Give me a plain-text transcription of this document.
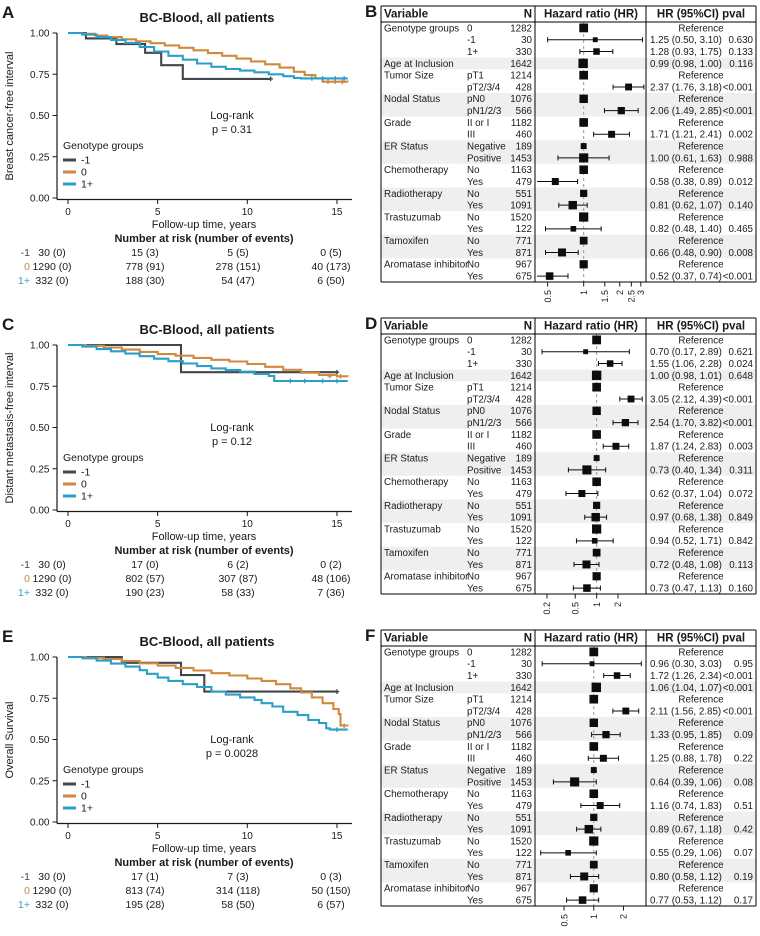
A	BC-Blood, all patients
Breast cancer-free interval
1.00
0.75
0.50
0.25
0.00
0	5	10	15
Follow-up time, years
Log-rank
p = 0.31
Genotype groups
-1
0
1+
Number at risk (number of events)
-1 30 (0)	15 (3)	5 (5)	0 (5)
0 1290 (0)	778 (91)	278 (151)	40 (173)
1+ 332 (0)	188 (30)	54 (47)	6 (50)
B Variable	N Hazard ratio (HR) HR (95%CI) pval
Genotype groups 0	1282	Reference
-1	30	1.25 (0.50, 3.10) 0.630
1+	330	1.28 (0.93, 1.75) 0.133
Age at Inclusion	1642	0.99 (0.98, 1.00) 0.116
Tumor Size	pT1	1214	Reference
pT2/3/4 428	2.37 (1.76, 3.18) <0.001
Nodal Status	pN0	1076	Reference
pN1/2/3 566	2.06 (1.49, 2.85) <0.001
Grade	II or I 1182	Reference
III	460	1.71 (1.21, 2.41) 0.002
ER Status	Negative 189	Reference
Positive 1453	1.00 (0.61, 1.63) 0.988
Chemotherapy No	1163	Reference
Yes	479	0.58 (0.38, 0.89) 0.012
Radiotherapy	No	551	Reference
Yes	1091	0.81 (0.62, 1.07) 0.140
Trastuzumab	No	1520	Reference
Yes	122	0.82 (0.48, 1.40) 0.465
Tamoxifen	No	771	Reference
Yes	871	0.66 (0.48, 0.90) 0.008
Aromatase inhibitor
No	967	Reference
Yes	675	0.52 (0.37, 0.74) <0.001
0.5	1 1.5 2 2.5 3
C	BC-Blood, all patients
Distant metastasis-free interval
1.00
0.75
0.50
0.25
0.00
0	5	10	15
Follow-up time, years
Log-rank
p = 0.12
Genotype groups
-1
0
1+
Number at risk (number of events)
-1 30 (0)	17 (0)	6 (2)	0 (2)
0 1290 (0)	802 (57)	307 (87)	48 (106)
1+ 332 (0)	190 (23)	58 (33)	7 (36)
D Variable	N Hazard ratio (HR) HR (95%CI) pval
Genotype groups 0	1282	Reference
-1	30	0.70 (0.17, 2.89) 0.621
1+	330	1.55 (1.06, 2.28) 0.024
Age at Inclusion	1642	1.00 (0.98, 1.01) 0.648
Tumor Size	pT1	1214	Reference
pT2/3/4 428	3.05 (2.12, 4.39) <0.001
Nodal Status	pN0	1076	Reference
pN1/2/3 566	2.54 (1.70, 3.82) <0.001
Grade	II or I 1182	Reference
III	460	1.87 (1.24, 2.83) 0.003
ER Status	Negative 189	Reference
Positive 1453	0.73 (0.40, 1.34) 0.311
Chemotherapy No	1163	Reference
Yes	479	0.62 (0.37, 1.04) 0.072
Radiotherapy	No	551	Reference
Yes	1091	0.97 (0.68, 1.38) 0.849
Trastuzumab	No	1520	Reference
Yes	122	0.94 (0.52, 1.71) 0.842
Tamoxifen	No	771	Reference
Yes	871	0.72 (0.48, 1.08) 0.113
Aromatase inhibitor
No	967	Reference
Yes	675	0.73 (0.47, 1.13) 0.160
0.2 0.5 1 2
E	BC-Blood, all patients
Overall Survival
1.00
0.75
0.50
0.25
0.00
0	5	10	15
Follow-up time, years
Log-rank
p = 0.0028
Genotype groups
-1
0
1+
Number at risk (number of events)
-1 30 (0)	17 (1)	7 (3)	0 (3)
0 1290 (0)	813 (74)	314 (118)	50 (150)
1+ 332 (0)	195 (28)	58 (50)	6 (57)
F Variable	N Hazard ratio (HR) HR (95%CI) pval
Genotype groups 0	1282	Reference
-1	30	0.96 (0.30, 3.03) 0.95
1+	330	1.72 (1.26, 2.34) <0.001
Age at Inclusion	1642	1.06 (1.04, 1.07) <0.001
Tumor Size	pT1	1214	Reference
pT2/3/4 428	2.11 (1.56, 2.85) <0.001
Nodal Status	pN0	1076	Reference
pN1/2/3 566	1.33 (0.95, 1.85) 0.09
Grade	II or I 1182	Reference
III	460	1.25 (0.88, 1.78) 0.22
ER Status	Negative 189	Reference
Positive 1453	0.64 (0.39, 1.06) 0.08
Chemotherapy No	1163	Reference
Yes	479	1.16 (0.74, 1.83) 0.51
Radiotherapy	No	551	Reference
Yes	1091	0.89 (0.67, 1.18) 0.42
Trastuzumab	No	1520	Reference
Yes	122	0.55 (0.29, 1.06) 0.07
Tamoxifen	No	771	Reference
Yes	871	0.80 (0.58, 1.12) 0.19
Aromatase inhibitor
No	967	Reference
Yes	675	0.77 (0.53, 1.12) 0.17
0.5 1 2
